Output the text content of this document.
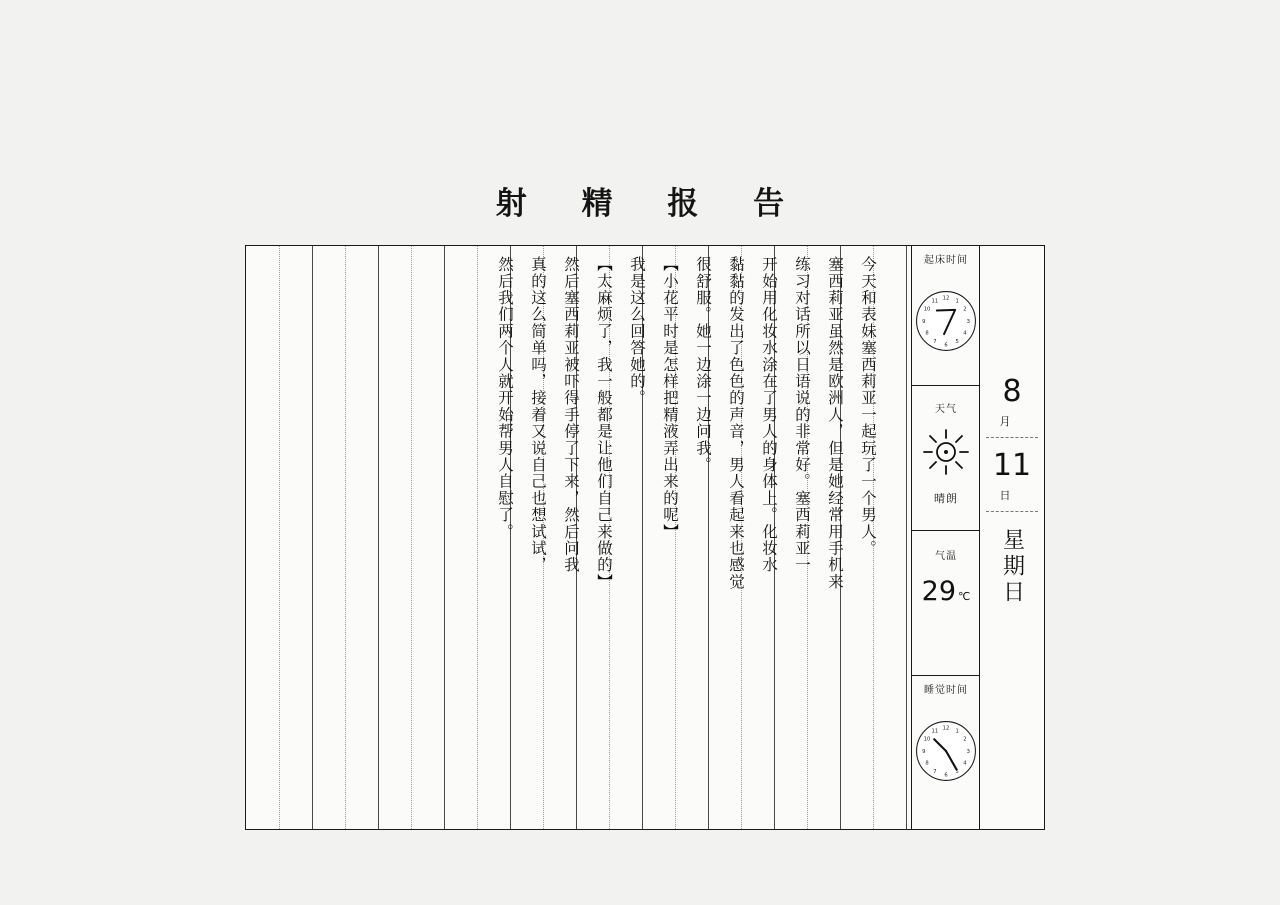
射 精 报 告
今天和表妹塞西莉亚一起玩了一个男人。
塞西莉亚虽然是欧洲人，但是她经常用手机来
练习对话所以日语说的非常好。塞西莉亚一
开始用化妆水涂在了男人的身体上。化妆水
黏黏的发出了色色的声音，男人看起来也感觉
很舒服。她一边涂一边问我。
【小花平时是怎样把精液弄出来的呢】
我是这么回答她的。
【太麻烦了，我一般都是让他们自己来做的】
然后塞西莉亚被吓得手停了下来，然后问我
真的这么简单吗，接着又说自己也想试试，
然后我们两个人就开始帮男人自慰了。	起床时间
12
1
2
3
4
5
6
7
8
9
10
11
天气
晴朗
气温
29 ℃
睡觉时间
12
1
2
3
4
5
6
7
8
9
10
11
8
月
11
日
星期日
